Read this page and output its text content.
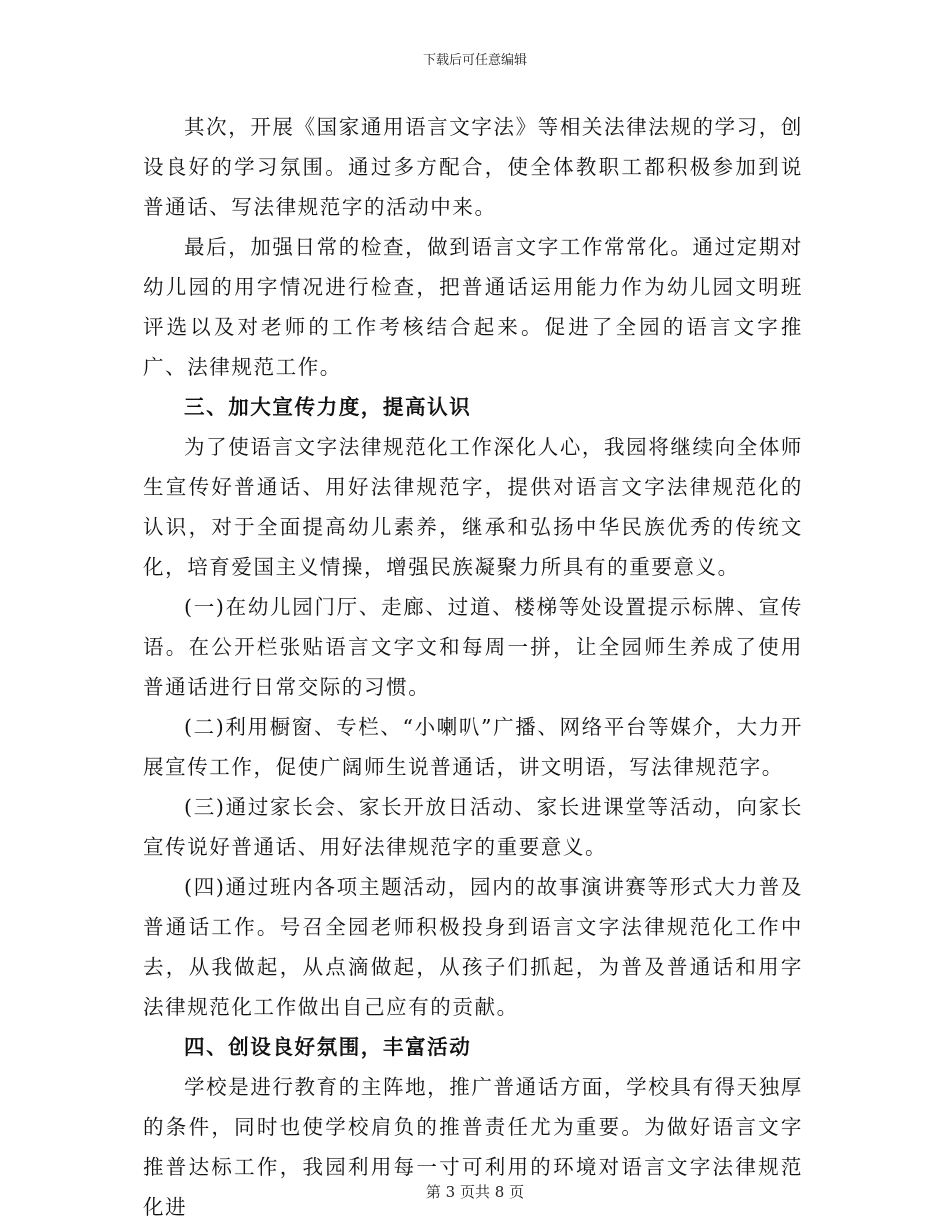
下载后可任意编辑

其次，开展《国家通用语言文字法》等相关法律法规的学习，创设良好的学习氛围。通过多方配合，使全体教职工都积极参加到说普通话、写法律规范字的活动中来。

最后，加强日常的检查，做到语言文字工作常常化。通过定期对幼儿园的用字情况进行检查，把普通话运用能力作为幼儿园文明班评选以及对老师的工作考核结合起来。促进了全园的语言文字推广、法律规范工作。

三、加大宣传力度，提高认识

为了使语言文字法律规范化工作深化人心，我园将继续向全体师生宣传好普通话、用好法律规范字，提供对语言文字法律规范化的认识，对于全面提高幼儿素养，继承和弘扬中华民族优秀的传统文化，培育爱国主义情操，增强民族凝聚力所具有的重要意义。

(一)在幼儿园门厅、走廊、过道、楼梯等处设置提示标牌、宣传语。在公开栏张贴语言文字文和每周一拼，让全园师生养成了使用普通话进行日常交际的习惯。

(二)利用橱窗、专栏、“小喇叭”广播、网络平台等媒介，大力开展宣传工作，促使广阔师生说普通话，讲文明语，写法律规范字。

(三)通过家长会、家长开放日活动、家长进课堂等活动，向家长宣传说好普通话、用好法律规范字的重要意义。

(四)通过班内各项主题活动，园内的故事演讲赛等形式大力普及普通话工作。号召全园老师积极投身到语言文字法律规范化工作中去，从我做起，从点滴做起，从孩子们抓起，为普及普通话和用字法律规范化工作做出自己应有的贡献。

四、创设良好氛围，丰富活动

学校是进行教育的主阵地，推广普通话方面，学校具有得天独厚的条件，同时也使学校肩负的推普责任尤为重要。为做好语言文字推普达标工作，我园利用每一寸可利用的环境对语言文字法律规范化进

第 3 页共 8 页
